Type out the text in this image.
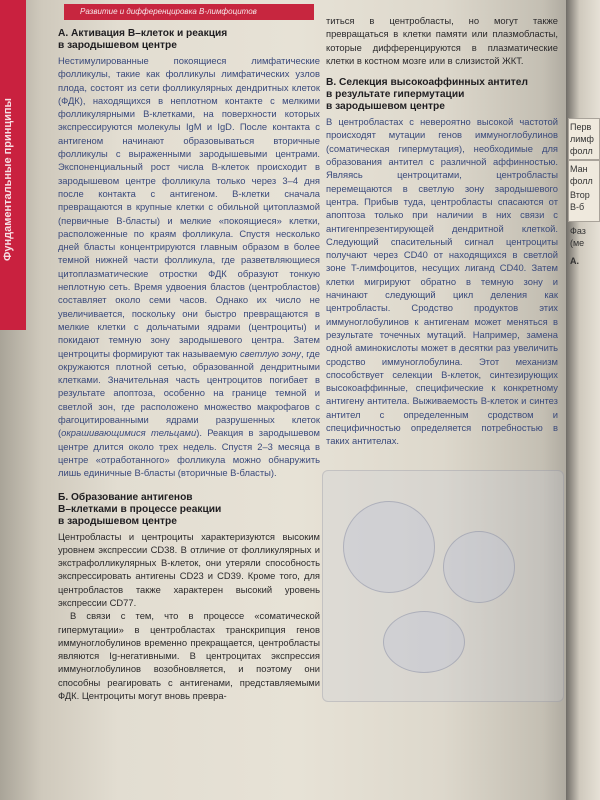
Фундаментальные принципы
Развитие и дифференцировка B-лимфоцитов
А. Активация B–клеток и реакция
в зародышевом центре

Нестимулированные покоящиеся лимфатические фолликулы, такие как фолликулы лимфатических узлов плода, состоят из сети фолликулярных дендритных клеток (ФДК), находящихся в неплотном контакте с мелкими фолликулярными B-клетками, на поверхности которых экспрессируются молекулы IgM и IgD. После контакта с антигеном начинают образовываться вторичные фолликулы с выраженными зародышевыми центрами. Экспоненциальный рост числа B-клеток происходит в зародышевом центре фолликула только через 3–4 дня после контакта с антигеном. B-клетки сначала превращаются в крупные клетки с обильной цитоплазмой (первичные B-бласты) и мелкие «покоящиеся» клетки, расположенные по краям фолликула. Спустя несколько дней бласты концентрируются главным образом в более темной нижней части фолликула, где разветвляющиеся цитоплазматические отростки ФДК образуют тонкую неплотную сеть. Время удвоения бластов (центробластов) составляет около семи часов. Однако их число не увеличивается, поскольку они быстро превращаются в мелкие клетки с дольчатыми ядрами (центроциты) и покидают темную зону зародышевого центра. Затем центроциты формируют так называемую светлую зону, где окружаются плотной сетью, образованной дендритными клетками. Значительная часть центроцитов погибает в результате апоптоза, особенно на границе темной и светлой зон, где расположено множество макрофагов с фагоцитированными ядрами разрушенных клеток (окрашивающимися тельцами). Реакция в зародышевом центре длится около трех недель. Спустя 2–3 месяца в центре «отработанного» фолликула можно обнаружить лишь единичные B-бласты (вторичные B-бласты).

Б. Образование антигенов
B–клетками в процессе реакции
в зародышевом центре

Центробласты и центроциты характеризуются высоким уровнем экспрессии CD38. В отличие от фолликулярных и экстрафолликулярных B-клеток, они утеряли способность экспрессировать антигены CD23 и CD39. Кроме того, для центробластов также характерен высокий уровень экспрессии CD77.

В связи с тем, что в процессе «соматической гипермутации» в центробластах транскрипция генов иммуноглобулинов временно прекращается, центробласты являются Ig-негативными. В центроцитах экспрессия иммуноглобулинов возобновляется, и поэтому они способны реагировать с антигенами, представляемыми ФДК. Центроциты могут вновь превра-

титься в центробласты, но могут также превращаться в клетки памяти или плазмобласты, которые дифференцируются в плазматические клетки в костном мозге или в слизистой ЖКТ.

В. Селекция высокоаффинных антител
в результате гипермутации
в зародышевом центре

В центробластах с невероятно высокой частотой происходят мутации генов иммуноглобулинов (соматическая гипермутация), необходимые для образования антител с различной аффинностью. Являясь центроцитами, центробласты перемещаются в светлую зону зародышевого центра. Прибыв туда, центробласты спасаются от апоптоза только при наличии в них связи с антигенпрезентирующей дендритной клеткой. Следующий спасительный сигнал центроциты получают через CD40 от находящихся в светлой зоне T-лимфоцитов, несущих лиганд CD40. Затем клетки мигрируют обратно в темную зону и начинают следующий цикл деления как центробласты. Сродство продуктов этих иммуноглобулинов к антигенам может меняться в результате точечных мутаций. Например, замена одной аминокислоты может в десятки раз увеличить сродство иммуноглобулина. Этот механизм способствует селекции B-клеток, синтезирующих высокоаффинные, специфические к конкретному антигену антитела. Выживаемость B-клеток и синтез антител с определенным сродством и специфичностью определяется потребностью в таких антителах.

Перв
лимф
фолл
Ман
фолл
Втор
В-б
Фаз
(ме
А.
